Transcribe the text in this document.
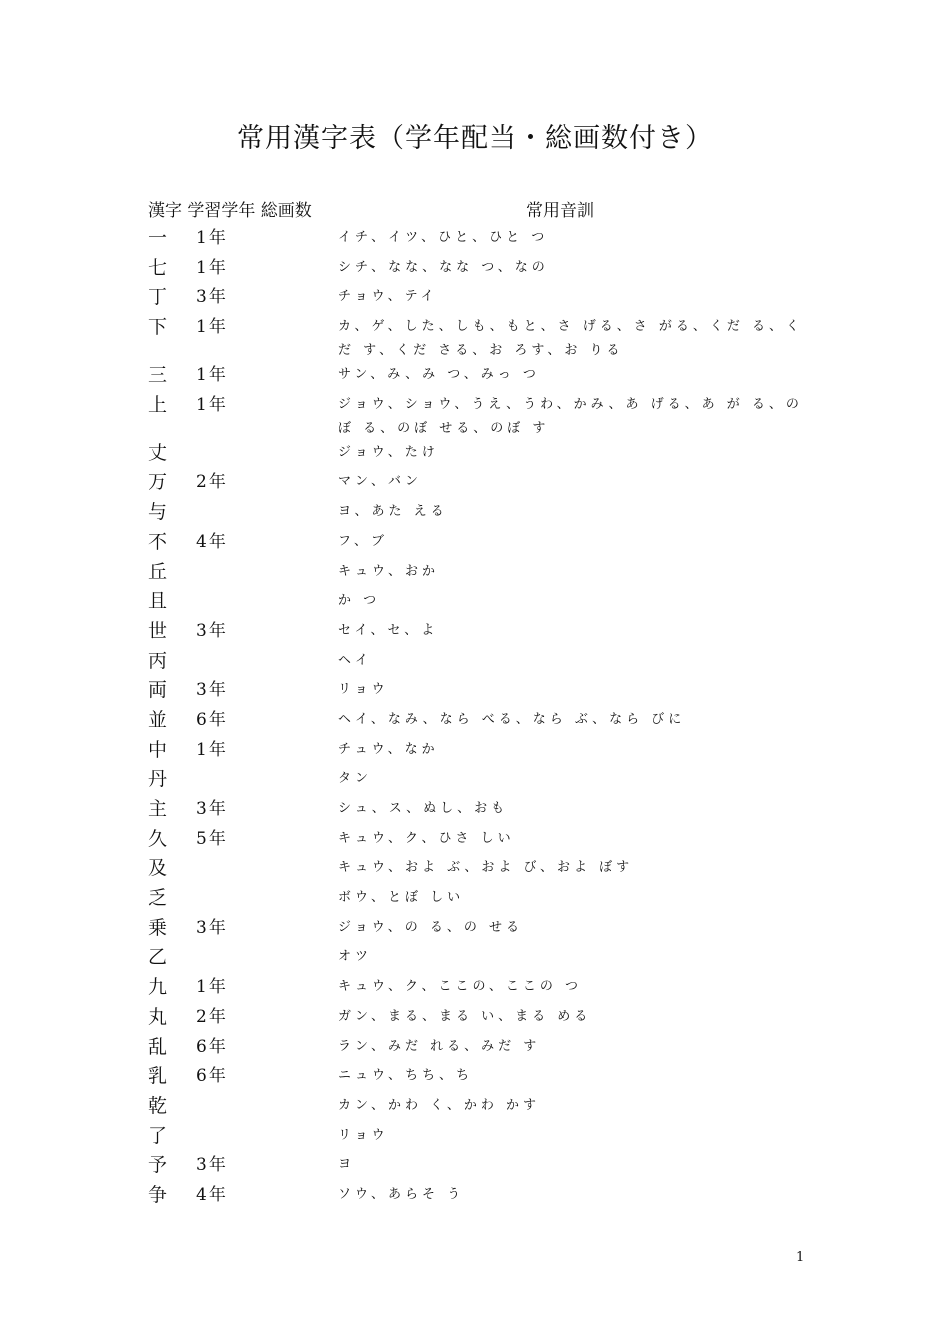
常用漢字表（学年配当・総画数付き）
漢字 学習学年 総画数	常用音訓
一 1年	イチ、イツ、ひと、ひと つ
七 1年	シチ、なな、なな つ、なの
丁 3年	チョウ、テイ
下 1年	カ、ゲ、した、しも、もと、さ げる、さ がる、くだ る、くだ す、くだ さる、お ろす、お りる
三 1年	サン、み、み つ、みっ つ
上 1年	ジョウ、ショウ、うえ、うわ、かみ、あ げる、あ が る、のぼ る、のぼ せる、のぼ す
丈	ジョウ、たけ
万 2年	マン、バン
与	ヨ、あた える
不 4年	フ、ブ
丘	キュウ、おか
且	か つ
世 3年	セイ、セ、よ
丙	ヘイ
両 3年	リョウ
並 6年	ヘイ、なみ、なら べる、なら ぶ、なら びに
中 1年	チュウ、なか
丹	タン
主 3年	シュ、ス、ぬし、おも
久 5年	キュウ、ク、ひさ しい
及	キュウ、およ ぶ、およ び、およ ぼす
乏	ボウ、とぼ しい
乗 3年	ジョウ、の る、の せる
乙	オツ
九 1年	キュウ、ク、ここの、ここの つ
丸 2年	ガン、まる、まる い、まる める
乱 6年	ラン、みだ れる、みだ す
乳 6年	ニュウ、ちち、ち
乾	カン、かわ く、かわ かす
了	リョウ
予 3年	ヨ
争 4年	ソウ、あらそ う
1
